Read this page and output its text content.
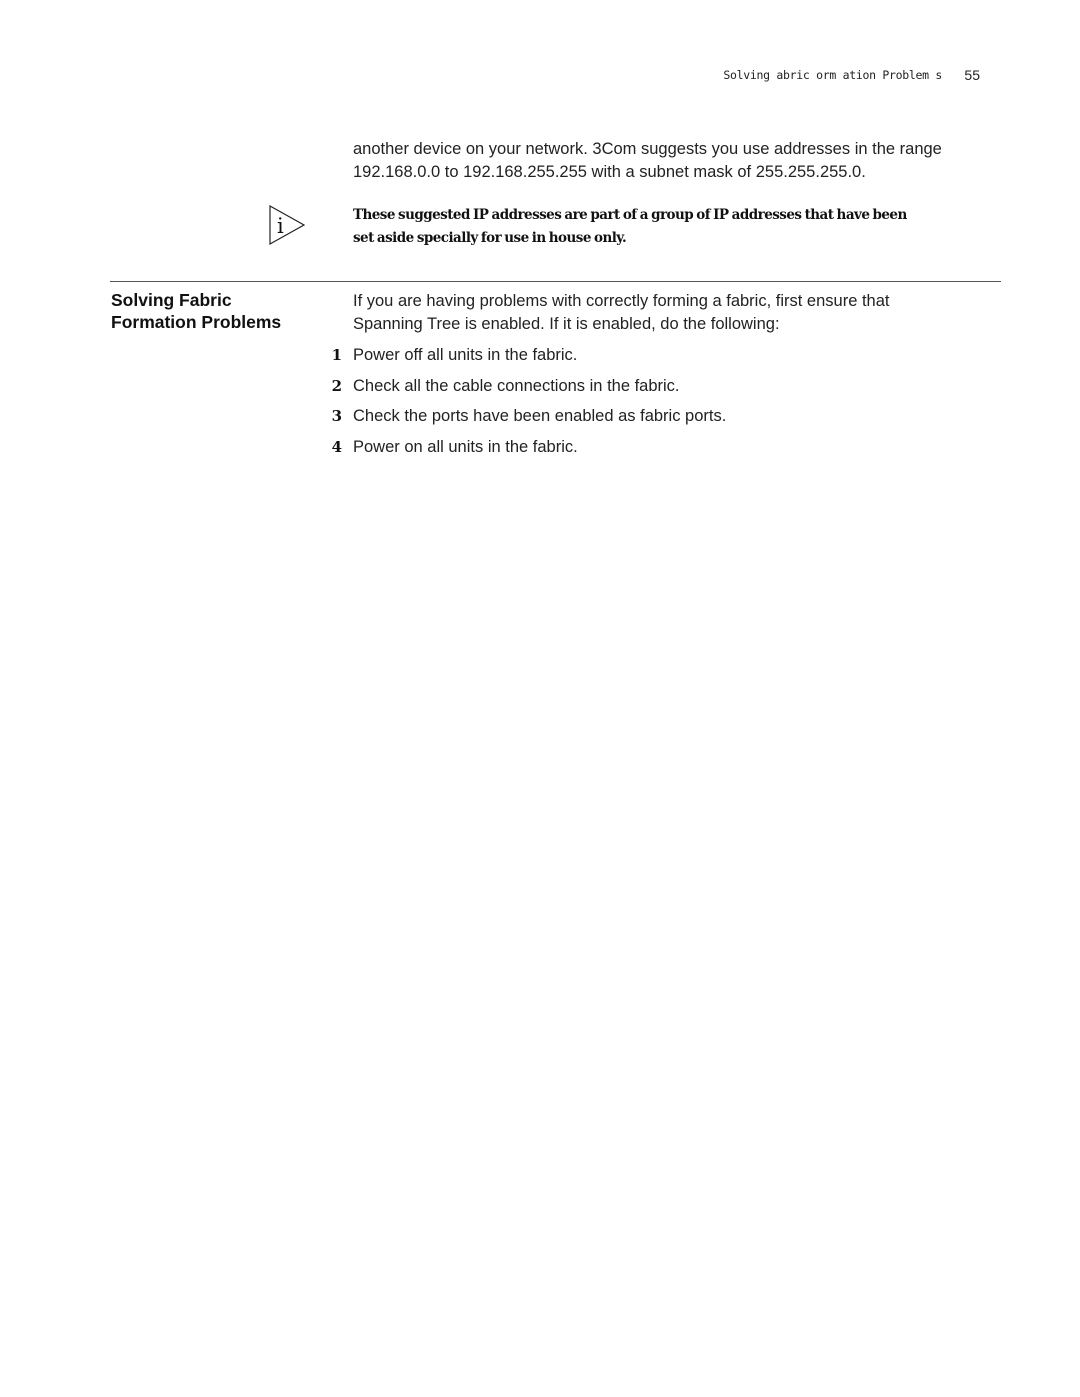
Solving abric orm ation Problem s 55

another device on your network. 3Com suggests you use addresses in the range

192.168.0.0 to 192.168.255.255 with a subnet mask of 255.255.255.0.

i	These suggested IP addresses are part of a group of IP addresses that have been

set aside specially for use in house only.

Solving Fabric
Formation Problems

If you are having problems with correctly forming a fabric, first ensure that

Spanning Tree is enabled. If it is enabled, do the following:

1 Power off all units in the fabric.
2 Check all the cable connections in the fabric.
3 Check the ports have been enabled as fabric ports.
4 Power on all units in the fabric.
